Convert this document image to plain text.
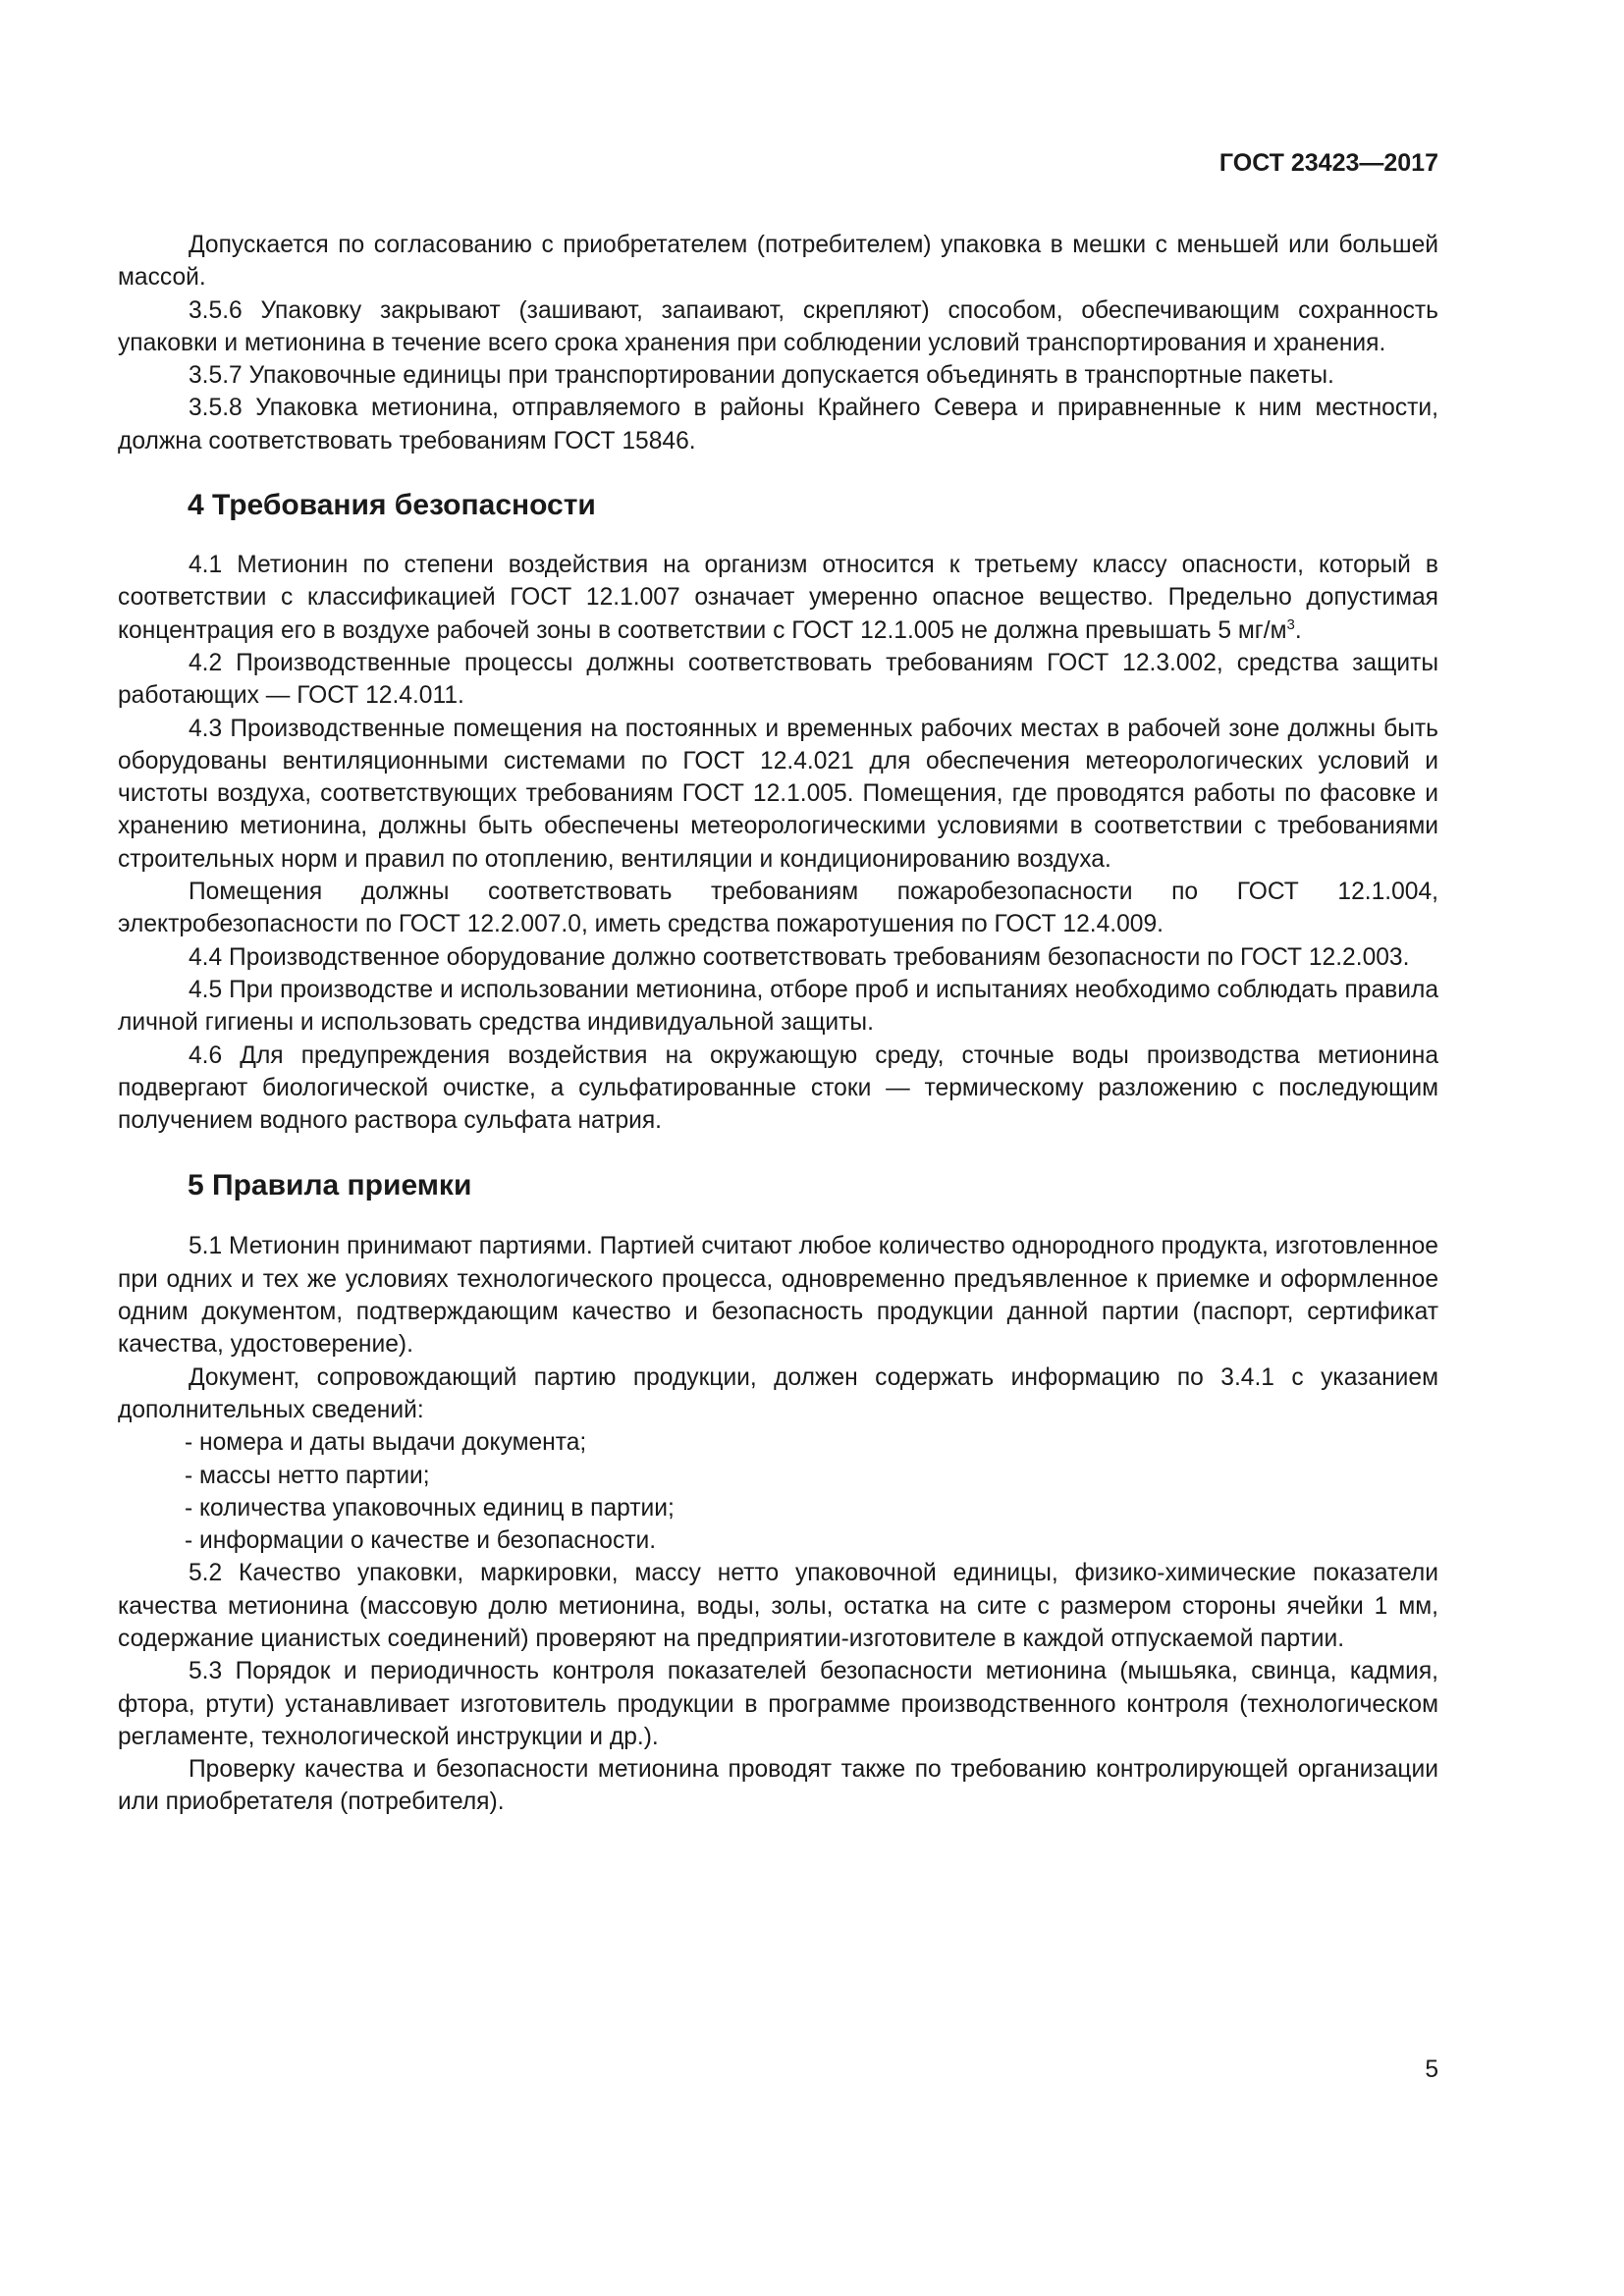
ГОСТ 23423—2017

Допускается по согласованию с приобретателем (потребителем) упаковка в мешки с меньшей или большей массой.

3.5.6 Упаковку закрывают (зашивают, запаивают, скрепляют) способом, обеспечивающим сохранность упаковки и метионина в течение всего срока хранения при соблюдении условий транспортирования и хранения.

3.5.7 Упаковочные единицы при транспортировании допускается объединять в транспортные пакеты.

3.5.8 Упаковка метионина, отправляемого в районы Крайнего Севера и приравненные к ним местности, должна соответствовать требованиям ГОСТ 15846.

4 Требования безопасности

4.1 Метионин по степени воздействия на организм относится к третьему классу опасности, который в соответствии с классификацией ГОСТ 12.1.007 означает умеренно опасное вещество. Предельно допустимая концентрация его в воздухе рабочей зоны в соответствии с ГОСТ 12.1.005 не должна превышать 5 $мг/м^3$.

4.2 Производственные процессы должны соответствовать требованиям ГОСТ 12.3.002, средства защиты работающих — ГОСТ 12.4.011.

4.3 Производственные помещения на постоянных и временных рабочих местах в рабочей зоне должны быть оборудованы вентиляционными системами по ГОСТ 12.4.021 для обеспечения метеорологических условий и чистоты воздуха, соответствующих требованиям ГОСТ 12.1.005. Помещения, где проводятся работы по фасовке и хранению метионина, должны быть обеспечены метеорологическими условиями в соответствии с требованиями строительных норм и правил по отоплению, вентиляции и кондиционированию воздуха.

Помещения должны соответствовать требованиям пожаробезопасности по ГОСТ 12.1.004, электробезопасности по ГОСТ 12.2.007.0, иметь средства пожаротушения по ГОСТ 12.4.009.

4.4 Производственное оборудование должно соответствовать требованиям безопасности по ГОСТ 12.2.003.

4.5 При производстве и использовании метионина, отборе проб и испытаниях необходимо соблюдать правила личной гигиены и использовать средства индивидуальной защиты.

4.6 Для предупреждения воздействия на окружающую среду, сточные воды производства метионина подвергают биологической очистке, а сульфатированные стоки — термическому разложению с последующим получением водного раствора сульфата натрия.

5 Правила приемки

5.1 Метионин принимают партиями. Партией считают любое количество однородного продукта, изготовленное при одних и тех же условиях технологического процесса, одновременно предъявленное к приемке и оформленное одним документом, подтверждающим качество и безопасность продукции данной партии (паспорт, сертификат качества, удостоверение).

Документ, сопровождающий партию продукции, должен содержать информацию по 3.4.1 с указанием дополнительных сведений:

- номера и даты выдачи документа;

- массы нетто партии;

- количества упаковочных единиц в партии;

- информации о качестве и безопасности.

5.2 Качество упаковки, маркировки, массу нетто упаковочной единицы, физико-химические показатели качества метионина (массовую долю метионина, воды, золы, остатка на сите с размером стороны ячейки 1 мм, содержание цианистых соединений) проверяют на предприятии-изготовителе в каждой отпускаемой партии.

5.3 Порядок и периодичность контроля показателей безопасности метионина (мышьяка, свинца, кадмия, фтора, ртути) устанавливает изготовитель продукции в программе производственного контроля (технологическом регламенте, технологической инструкции и др.).

Проверку качества и безопасности метионина проводят также по требованию контролирующей организации или приобретателя (потребителя).

5
